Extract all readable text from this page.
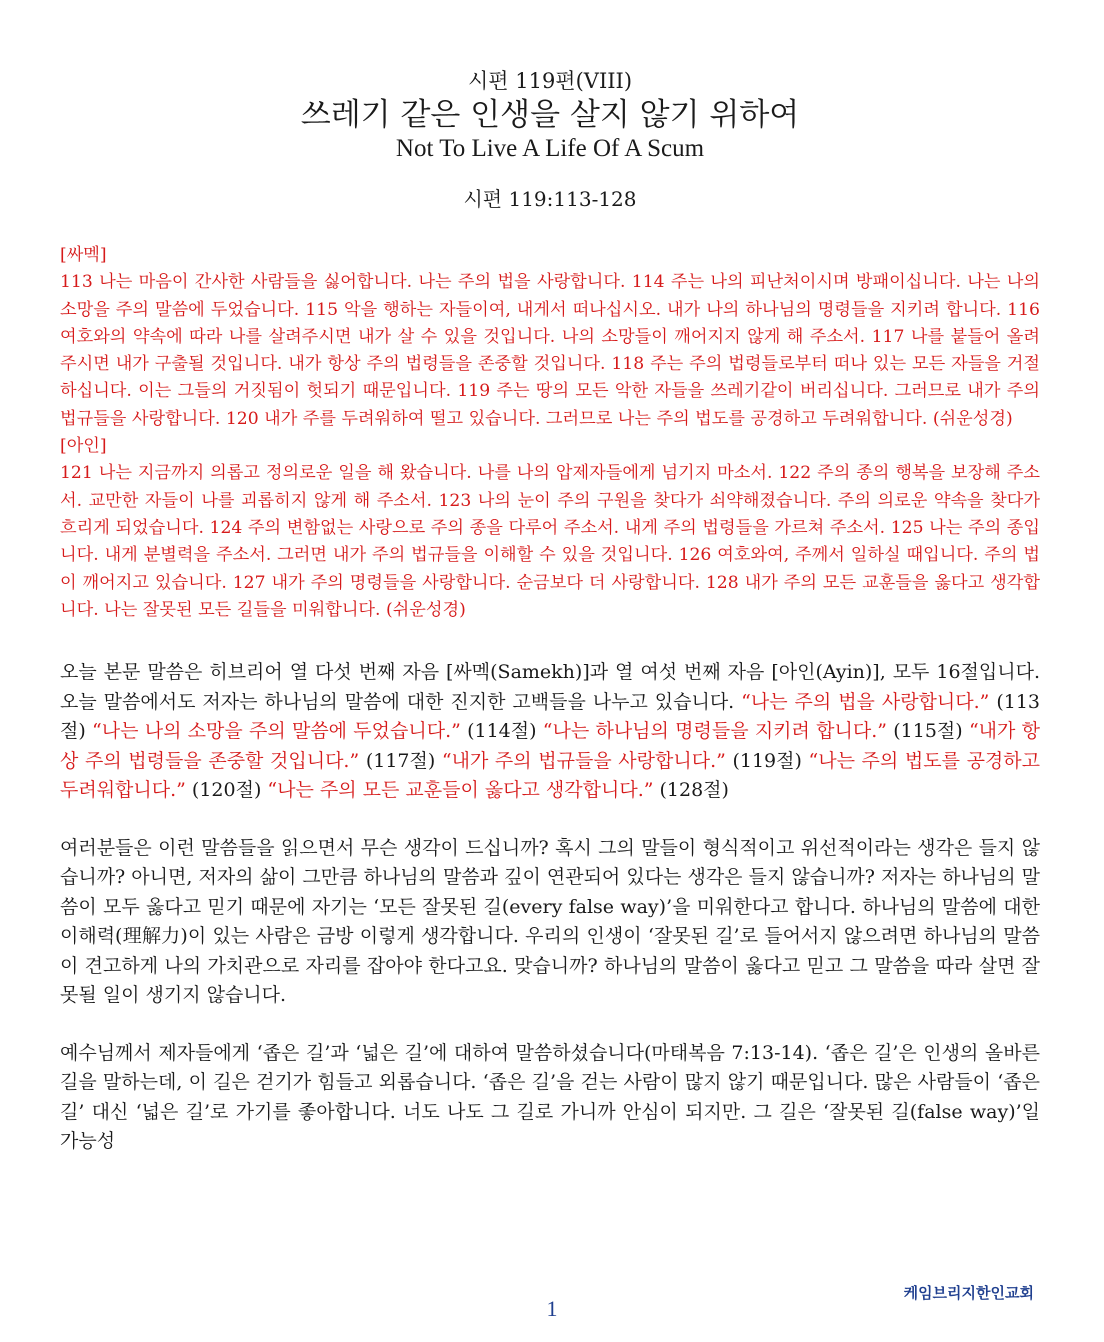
시편 119편(VIII)
쓰레기 같은 인생을 살지 않기 위하여
Not To Live A Life Of A Scum
시편 119:113-128

[싸멕]

113 나는 마음이 간사한 사람들을 싫어합니다. 나는 주의 법을 사랑합니다. 114 주는 나의 피난처이시며 방패이십니다. 나는 나의 소망을 주의 말씀에 두었습니다. 115 악을 행하는 자들이여, 내게서 떠나십시오. 내가 나의 하나님의 명령들을 지키려 합니다. 116 여호와의 약속에 따라 나를 살려주시면 내가 살 수 있을 것입니다. 나의 소망들이 깨어지지 않게 해 주소서. 117 나를 붙들어 올려 주시면 내가 구출될 것입니다. 내가 항상 주의 법령들을 존중할 것입니다. 118 주는 주의 법령들로부터 떠나 있는 모든 자들을 거절하십니다. 이는 그들의 거짓됨이 헛되기 때문입니다. 119 주는 땅의 모든 악한 자들을 쓰레기같이 버리십니다. 그러므로 내가 주의 법규들을 사랑합니다. 120 내가 주를 두려워하여 떨고 있습니다. 그러므로 나는 주의 법도를 공경하고 두려워합니다. (쉬운성경)

[아인]

121 나는 지금까지 의롭고 정의로운 일을 해 왔습니다. 나를 나의 압제자들에게 넘기지 마소서. 122 주의 종의 행복을 보장해 주소서. 교만한 자들이 나를 괴롭히지 않게 해 주소서. 123 나의 눈이 주의 구원을 찾다가 쇠약해졌습니다. 주의 의로운 약속을 찾다가 흐리게 되었습니다. 124 주의 변함없는 사랑으로 주의 종을 다루어 주소서. 내게 주의 법령들을 가르쳐 주소서. 125 나는 주의 종입니다. 내게 분별력을 주소서. 그러면 내가 주의 법규들을 이해할 수 있을 것입니다. 126 여호와여, 주께서 일하실 때입니다. 주의 법이 깨어지고 있습니다. 127 내가 주의 명령들을 사랑합니다. 순금보다 더 사랑합니다. 128 내가 주의 모든 교훈들을 옳다고 생각합니다. 나는 잘못된 모든 길들을 미워합니다. (쉬운성경)

오늘 본문 말씀은 히브리어 열 다섯 번째 자음 [싸멕(Samekh)]과 열 여섯 번째 자음 [아인(Ayin)], 모두 16절입니다. 오늘 말씀에서도 저자는 하나님의 말씀에 대한 진지한 고백들을 나누고 있습니다. “나는 주의 법을 사랑합니다.” (113절) “나는 나의 소망을 주의 말씀에 두었습니다.” (114절) “나는 하나님의 명령들을 지키려 합니다.” (115절) “내가 항상 주의 법령들을 존중할 것입니다.” (117절) “내가 주의 법규들을 사랑합니다.” (119절) “나는 주의 법도를 공경하고 두려워합니다.” (120절) “나는 주의 모든 교훈들이 옳다고 생각합니다.” (128절)

여러분들은 이런 말씀들을 읽으면서 무슨 생각이 드십니까? 혹시 그의 말들이 형식적이고 위선적이라는 생각은 들지 않습니까? 아니면, 저자의 삶이 그만큼 하나님의 말씀과 깊이 연관되어 있다는 생각은 들지 않습니까? 저자는 하나님의 말씀이 모두 옳다고 믿기 때문에 자기는 ‘모든 잘못된 길(every false way)’을 미워한다고 합니다. 하나님의 말씀에 대한 이해력(理解力)이 있는 사람은 금방 이렇게 생각합니다. 우리의 인생이 ‘잘못된 길’로 들어서지 않으려면 하나님의 말씀이 견고하게 나의 가치관으로 자리를 잡아야 한다고요. 맞습니까? 하나님의 말씀이 옳다고 믿고 그 말씀을 따라 살면 잘못될 일이 생기지 않습니다.

예수님께서 제자들에게 ‘좁은 길’과 ‘넓은 길’에 대하여 말씀하셨습니다(마태복음 7:13-14). ‘좁은 길’은 인생의 올바른 길을 말하는데, 이 길은 걷기가 힘들고 외롭습니다. ‘좁은 길’을 걷는 사람이 많지 않기 때문입니다. 많은 사람들이 ‘좁은 길’ 대신 ‘넓은 길’로 가기를 좋아합니다. 너도 나도 그 길로 가니까 안심이 되지만. 그 길은 ‘잘못된 길(false way)’일 가능성

케임브리지한인교회
1
